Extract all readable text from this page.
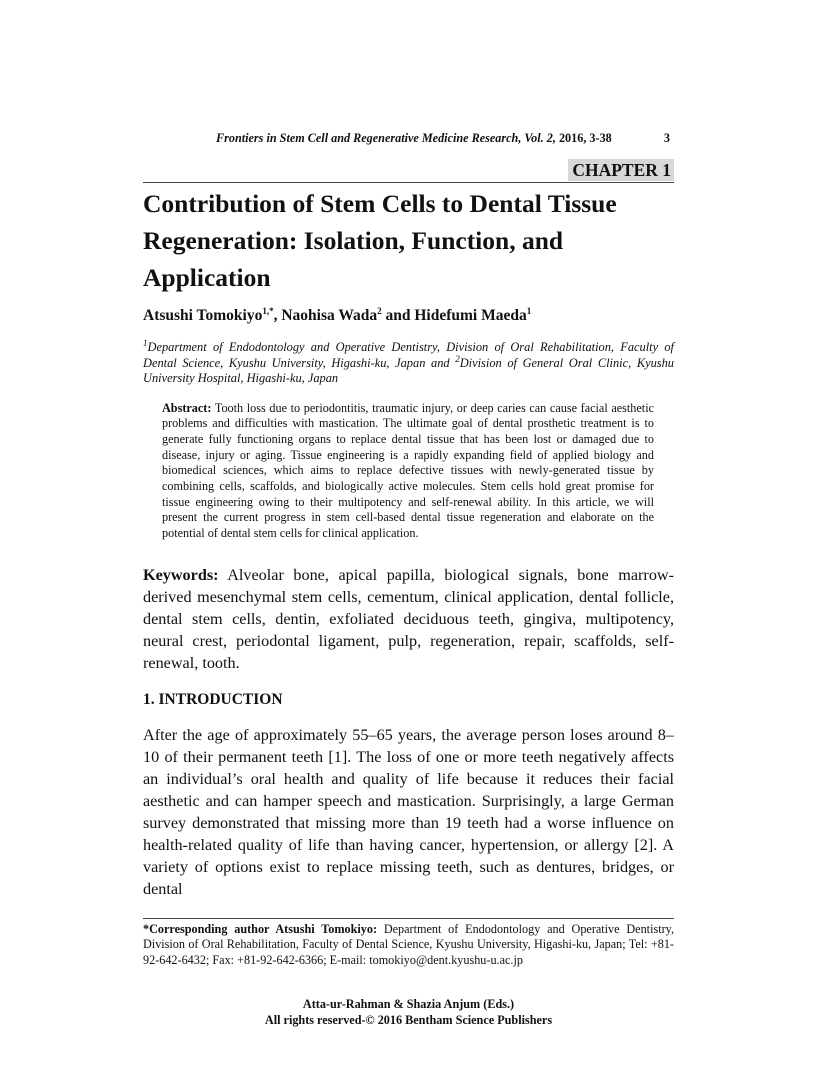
Frontiers in Stem Cell and Regenerative Medicine Research, Vol. 2, 2016, 3-38	3
CHAPTER 1
Contribution of Stem Cells to Dental Tissue Regeneration: Isolation, Function, and Application
Atsushi Tomokiyo$^{1,*}$, Naohisa Wada$^2$ and Hidefumi Maeda$^1$
$^1$Department of Endodontology and Operative Dentistry, Division of Oral Rehabilitation, Faculty of Dental Science, Kyushu University, Higashi-ku, Japan and $^2$Division of General Oral Clinic, Kyushu University Hospital, Higashi-ku, Japan
Abstract: Tooth loss due to periodontitis, traumatic injury, or deep caries can cause facial aesthetic problems and difficulties with mastication. The ultimate goal of dental prosthetic treatment is to generate fully functioning organs to replace dental tissue that has been lost or damaged due to disease, injury or aging. Tissue engineering is a rapidly expanding field of applied biology and biomedical sciences, which aims to replace defective tissues with newly-generated tissue by combining cells, scaffolds, and biologically active molecules. Stem cells hold great promise for tissue engineering owing to their multipotency and self-renewal ability. In this article, we will present the current progress in stem cell-based dental tissue regeneration and elaborate on the potential of dental stem cells for clinical application.
Keywords: Alveolar bone, apical papilla, biological signals, bone marrow-derived mesenchymal stem cells, cementum, clinical application, dental follicle, dental stem cells, dentin, exfoliated deciduous teeth, gingiva, multipotency, neural crest, periodontal ligament, pulp, regeneration, repair, scaffolds, self-renewal, tooth.
1. INTRODUCTION
After the age of approximately 55–65 years, the average person loses around 8–10 of their permanent teeth [1]. The loss of one or more teeth negatively affects an individual’s oral health and quality of life because it reduces their facial aesthetic and can hamper speech and mastication. Surprisingly, a large German survey demonstrated that missing more than 19 teeth had a worse influence on health-related quality of life than having cancer, hypertension, or allergy [2]. A variety of options exist to replace missing teeth, such as dentures, bridges, or dental
*Corresponding author Atsushi Tomokiyo: Department of Endodontology and Operative Dentistry, Division of Oral Rehabilitation, Faculty of Dental Science, Kyushu University, Higashi-ku, Japan; Tel: +81-92-642-6432; Fax: +81-92-642-6366; E-mail: tomokiyo@dent.kyushu-u.ac.jp
Atta-ur-Rahman & Shazia Anjum (Eds.)
All rights reserved-© 2016 Bentham Science Publishers
